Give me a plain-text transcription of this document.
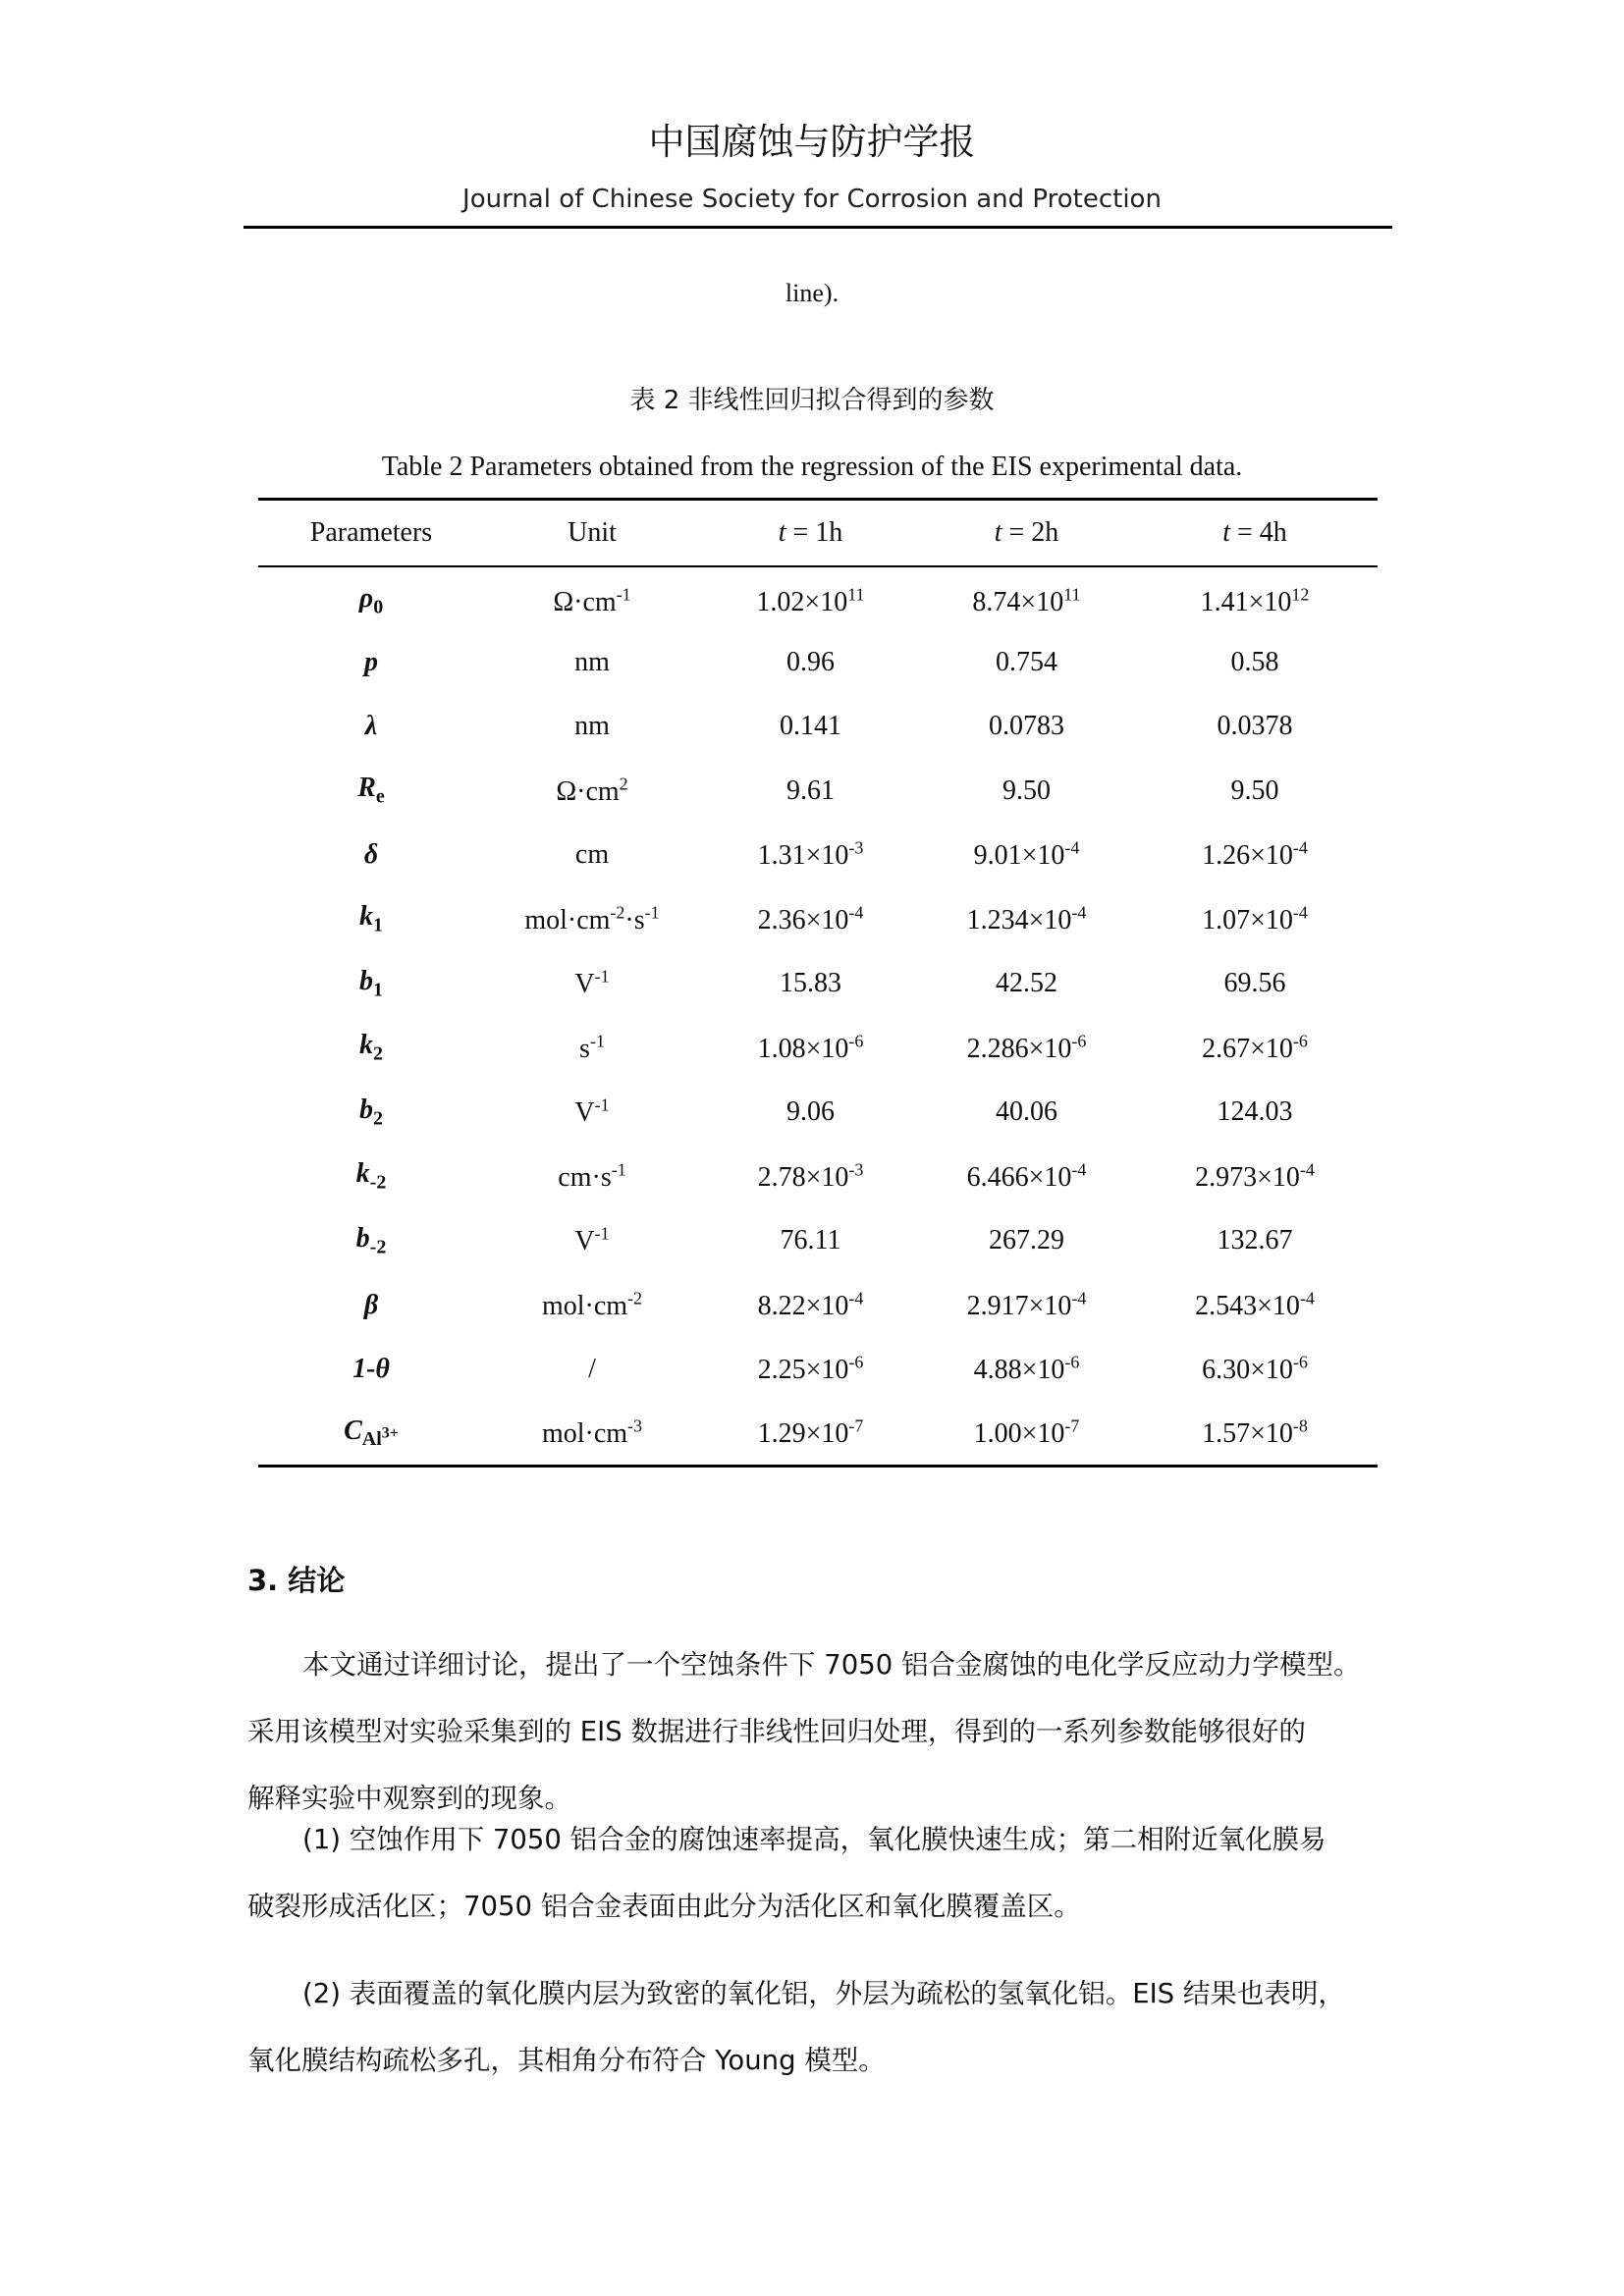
中国腐蚀与防护学报
Journal of Chinese Society for Corrosion and Protection
line).
表 2 非线性回归拟合得到的参数
Table 2 Parameters obtained from the regression of the EIS experimental data.
Parameters	Unit	t = 1h	t = 2h	t = 4h
$\rho_0$	$\Omega\cdot cm^{-1}$	$1.02\times 10^{11}$	$8.74\times 10^{11}$	$1.41\times 10^{12}$
p	nm	0.96	0.754	0.58
λ	nm	0.141	0.0783	0.0378
$R_e$	$\Omega\cdot cm^2$	9.61	9.50	9.50
δ	cm	$1.31\times 10^{-3}$	$9.01\times 10^{-4}$	$1.26\times 10^{-4}$
$k_1$	$mol\cdot cm^{-2}\cdot s^{-1}$	$2.36\times 10^{-4}$	$1.234\times 10^{-4}$	$1.07\times 10^{-4}$
$b_1$	$V^{-1}$	15.83	42.52	69.56
$k_2$	$s^{-1}$	$1.08\times 10^{-6}$	$2.286\times 10^{-6}$	$2.67\times 10^{-6}$
$b_2$	$V^{-1}$	9.06	40.06	124.03
$k_{-2}$	$cm\cdot s^{-1}$	$2.78\times 10^{-3}$	$6.466\times 10^{-4}$	$2.973\times 10^{-4}$
$b_{-2}$	$V^{-1}$	76.11	267.29	132.67
β	$mol\cdot cm^{-2}$	$8.22\times 10^{-4}$	$2.917\times 10^{-4}$	$2.543\times 10^{-4}$
1-θ	/	$2.25\times 10^{-6}$	$4.88\times 10^{-6}$	$6.30\times 10^{-6}$
$C_{Al^{3+}}$	$mol\cdot cm^{-3}$	$1.29\times 10^{-7}$	$1.00\times 10^{-7}$	$1.57\times 10^{-8}$
3. 结论
本文通过详细讨论，提出了一个空蚀条件下 7050 铝合金腐蚀的电化学反应动力学模型。
采用该模型对实验采集到的 EIS 数据进行非线性回归处理，得到的一系列参数能够很好的
解释实验中观察到的现象。
(1) 空蚀作用下 7050 铝合金的腐蚀速率提高，氧化膜快速生成；第二相附近氧化膜易
破裂形成活化区；7050 铝合金表面由此分为活化区和氧化膜覆盖区。
(2) 表面覆盖的氧化膜内层为致密的氧化铝，外层为疏松的氢氧化铝。EIS 结果也表明，
氧化膜结构疏松多孔，其相角分布符合 Young 模型。
